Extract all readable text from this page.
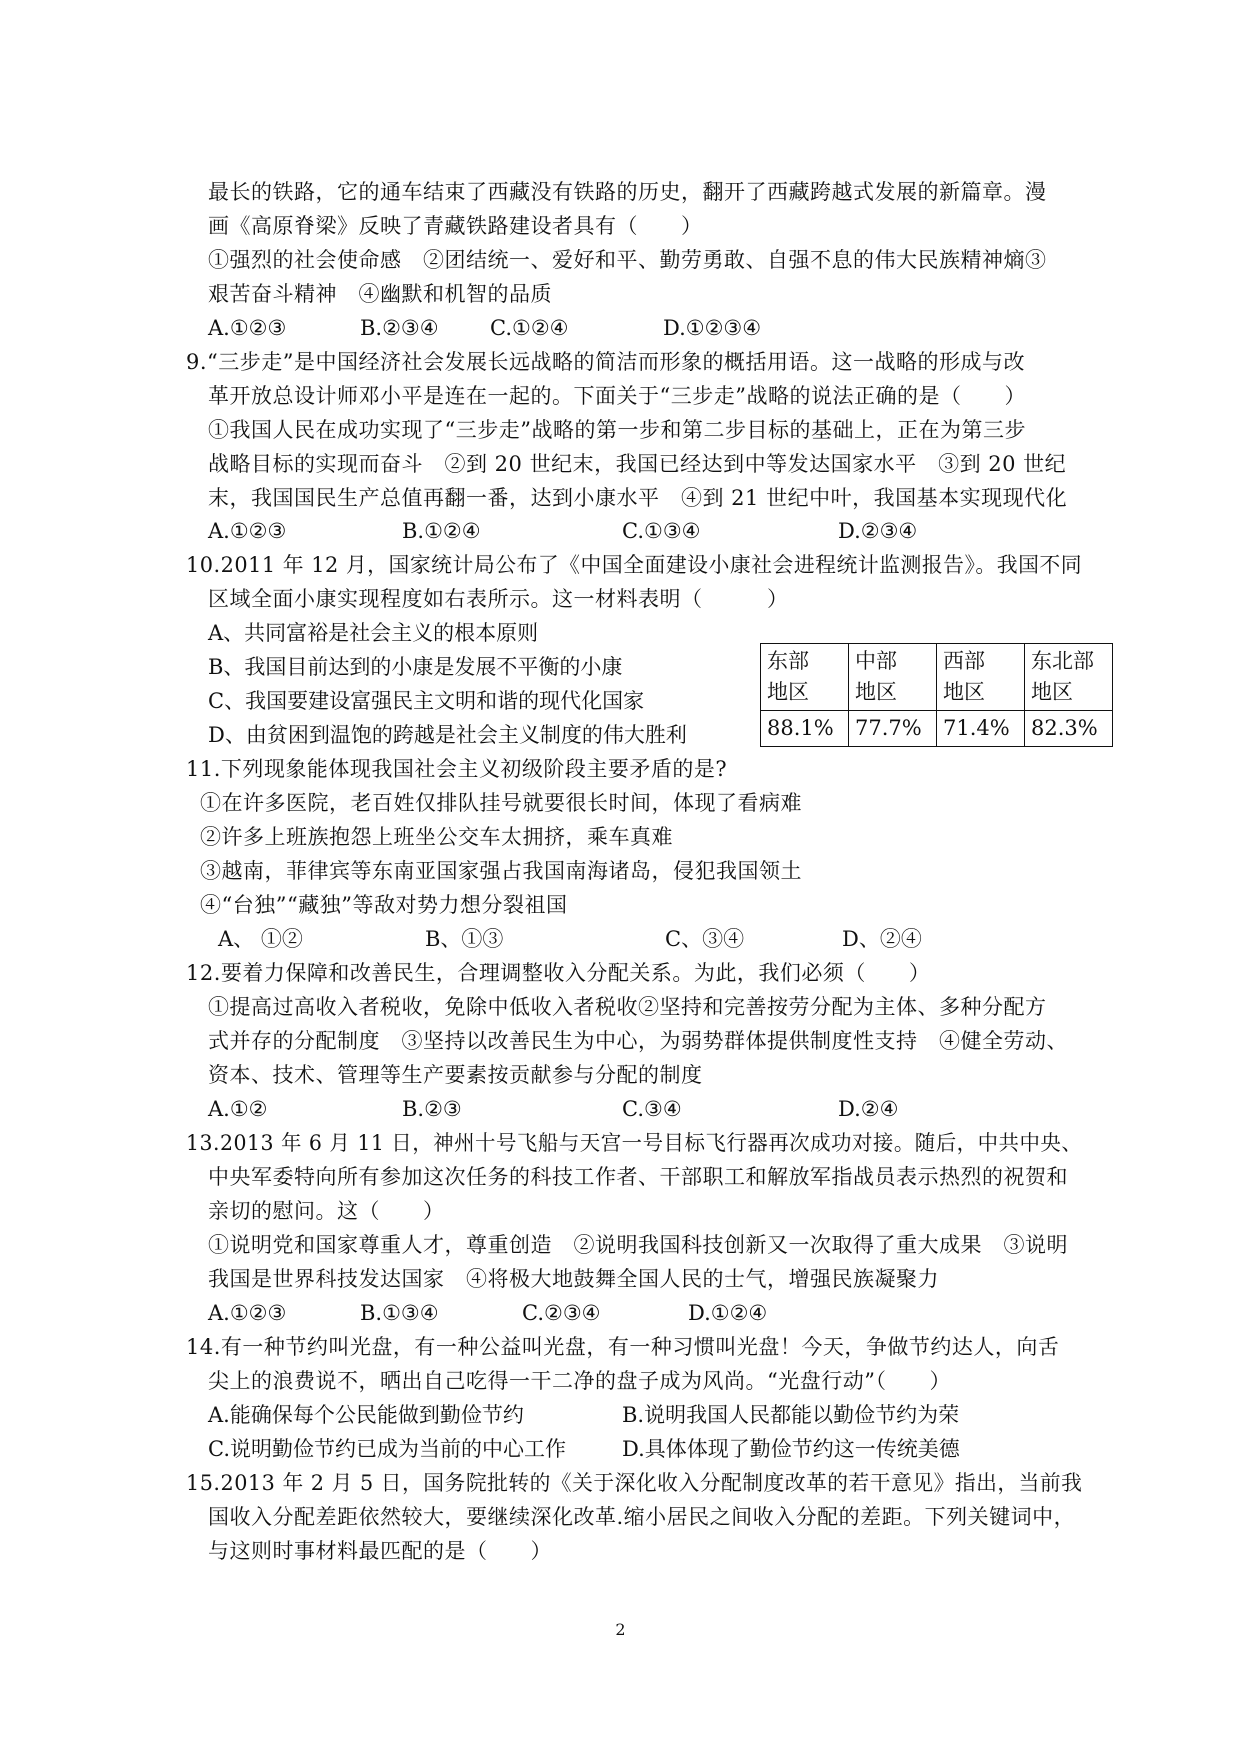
最长的铁路，它的通车结束了西藏没有铁路的历史，翻开了西藏跨越式发展的新篇章。漫
画《高原脊梁》反映了青藏铁路建设者具有（　　）
①强烈的社会使命感　②团结统一、爱好和平、勤劳勇敢、自强不息的伟大民族精神熵③
艰苦奋斗精神　④幽默和机智的品质
A.①②③	B.②③④ C.①②④	D.①②③④
9.“三步走”是中国经济社会发展长远战略的简洁而形象的概括用语。这一战略的形成与改
革开放总设计师邓小平是连在一起的。下面关于“三步走”战略的说法正确的是（　　）
①我国人民在成功实现了“三步走”战略的第一步和第二步目标的基础上，正在为第三步
战略目标的实现而奋斗　②到 20 世纪末，我国已经达到中等发达国家水平　③到 20 世纪
末，我国国民生产总值再翻一番，达到小康水平　④到 21 世纪中叶，我国基本实现现代化
A.①②③	B.①②④	C.①③④	D.②③④
10.2011 年 12 月，国家统计局公布了《中国全面建设小康社会进程统计监测报告》。我国不同
区域全面小康实现程度如右表所示。这一材料表明（　　　）
A、共同富裕是社会主义的根本原则
B、我国目前达到的小康是发展不平衡的小康
C、我国要建设富强民主文明和谐的现代化国家
D、由贫困到温饱的跨越是社会主义制度的伟大胜利
东部
地区	中部
地区	西部
地区	东北部
地区
88.1%	77.7%	71.4%	82.3%
11.下列现象能体现我国社会主义初级阶段主要矛盾的是?
①在许多医院，老百姓仅排队挂号就要很长时间，体现了看病难
②许多上班族抱怨上班坐公交车太拥挤，乘车真难
③越南，菲律宾等东南亚国家强占我国南海诸岛，侵犯我国领土
④“台独”“藏独”等敌对势力想分裂祖国
A、 ①②	B、①③	C、③④	D、②④
12.要着力保障和改善民生，合理调整收入分配关系。为此，我们必须（　　）
①提高过高收入者税收，免除中低收入者税收②坚持和完善按劳分配为主体、多种分配方
式并存的分配制度　③坚持以改善民生为中心，为弱势群体提供制度性支持　④健全劳动、
资本、技术、管理等生产要素按贡献参与分配的制度
A.①②	B.②③	C.③④	D.②④
13.2013 年 6 月 11 日，神州十号飞船与天宫一号目标飞行器再次成功对接。随后，中共中央、
中央军委特向所有参加这次任务的科技工作者、干部职工和解放军指战员表示热烈的祝贺和
亲切的慰问。这（　　）
①说明党和国家尊重人才，尊重创造　②说明我国科技创新又一次取得了重大成果　③说明
我国是世界科技发达国家　④将极大地鼓舞全国人民的士气，增强民族凝聚力
A.①②③	B.①③④	C.②③④	D.①②④
14.有一种节约叫光盘，有一种公益叫光盘，有一种习惯叫光盘！今天，争做节约达人，向舌
尖上的浪费说不，晒出自己吃得一干二净的盘子成为风尚。“光盘行动”（　　）
A.能确保每个公民能做到勤俭节约	B.说明我国人民都能以勤俭节约为荣
C.说明勤俭节约已成为当前的中心工作	D.具体体现了勤俭节约这一传统美德
15.2013 年 2 月 5 日，国务院批转的《关于深化收入分配制度改革的若干意见》指出，当前我
国收入分配差距依然较大，要继续深化改革.缩小居民之间收入分配的差距。下列关键词中，
与这则时事材料最匹配的是（　　）
2
